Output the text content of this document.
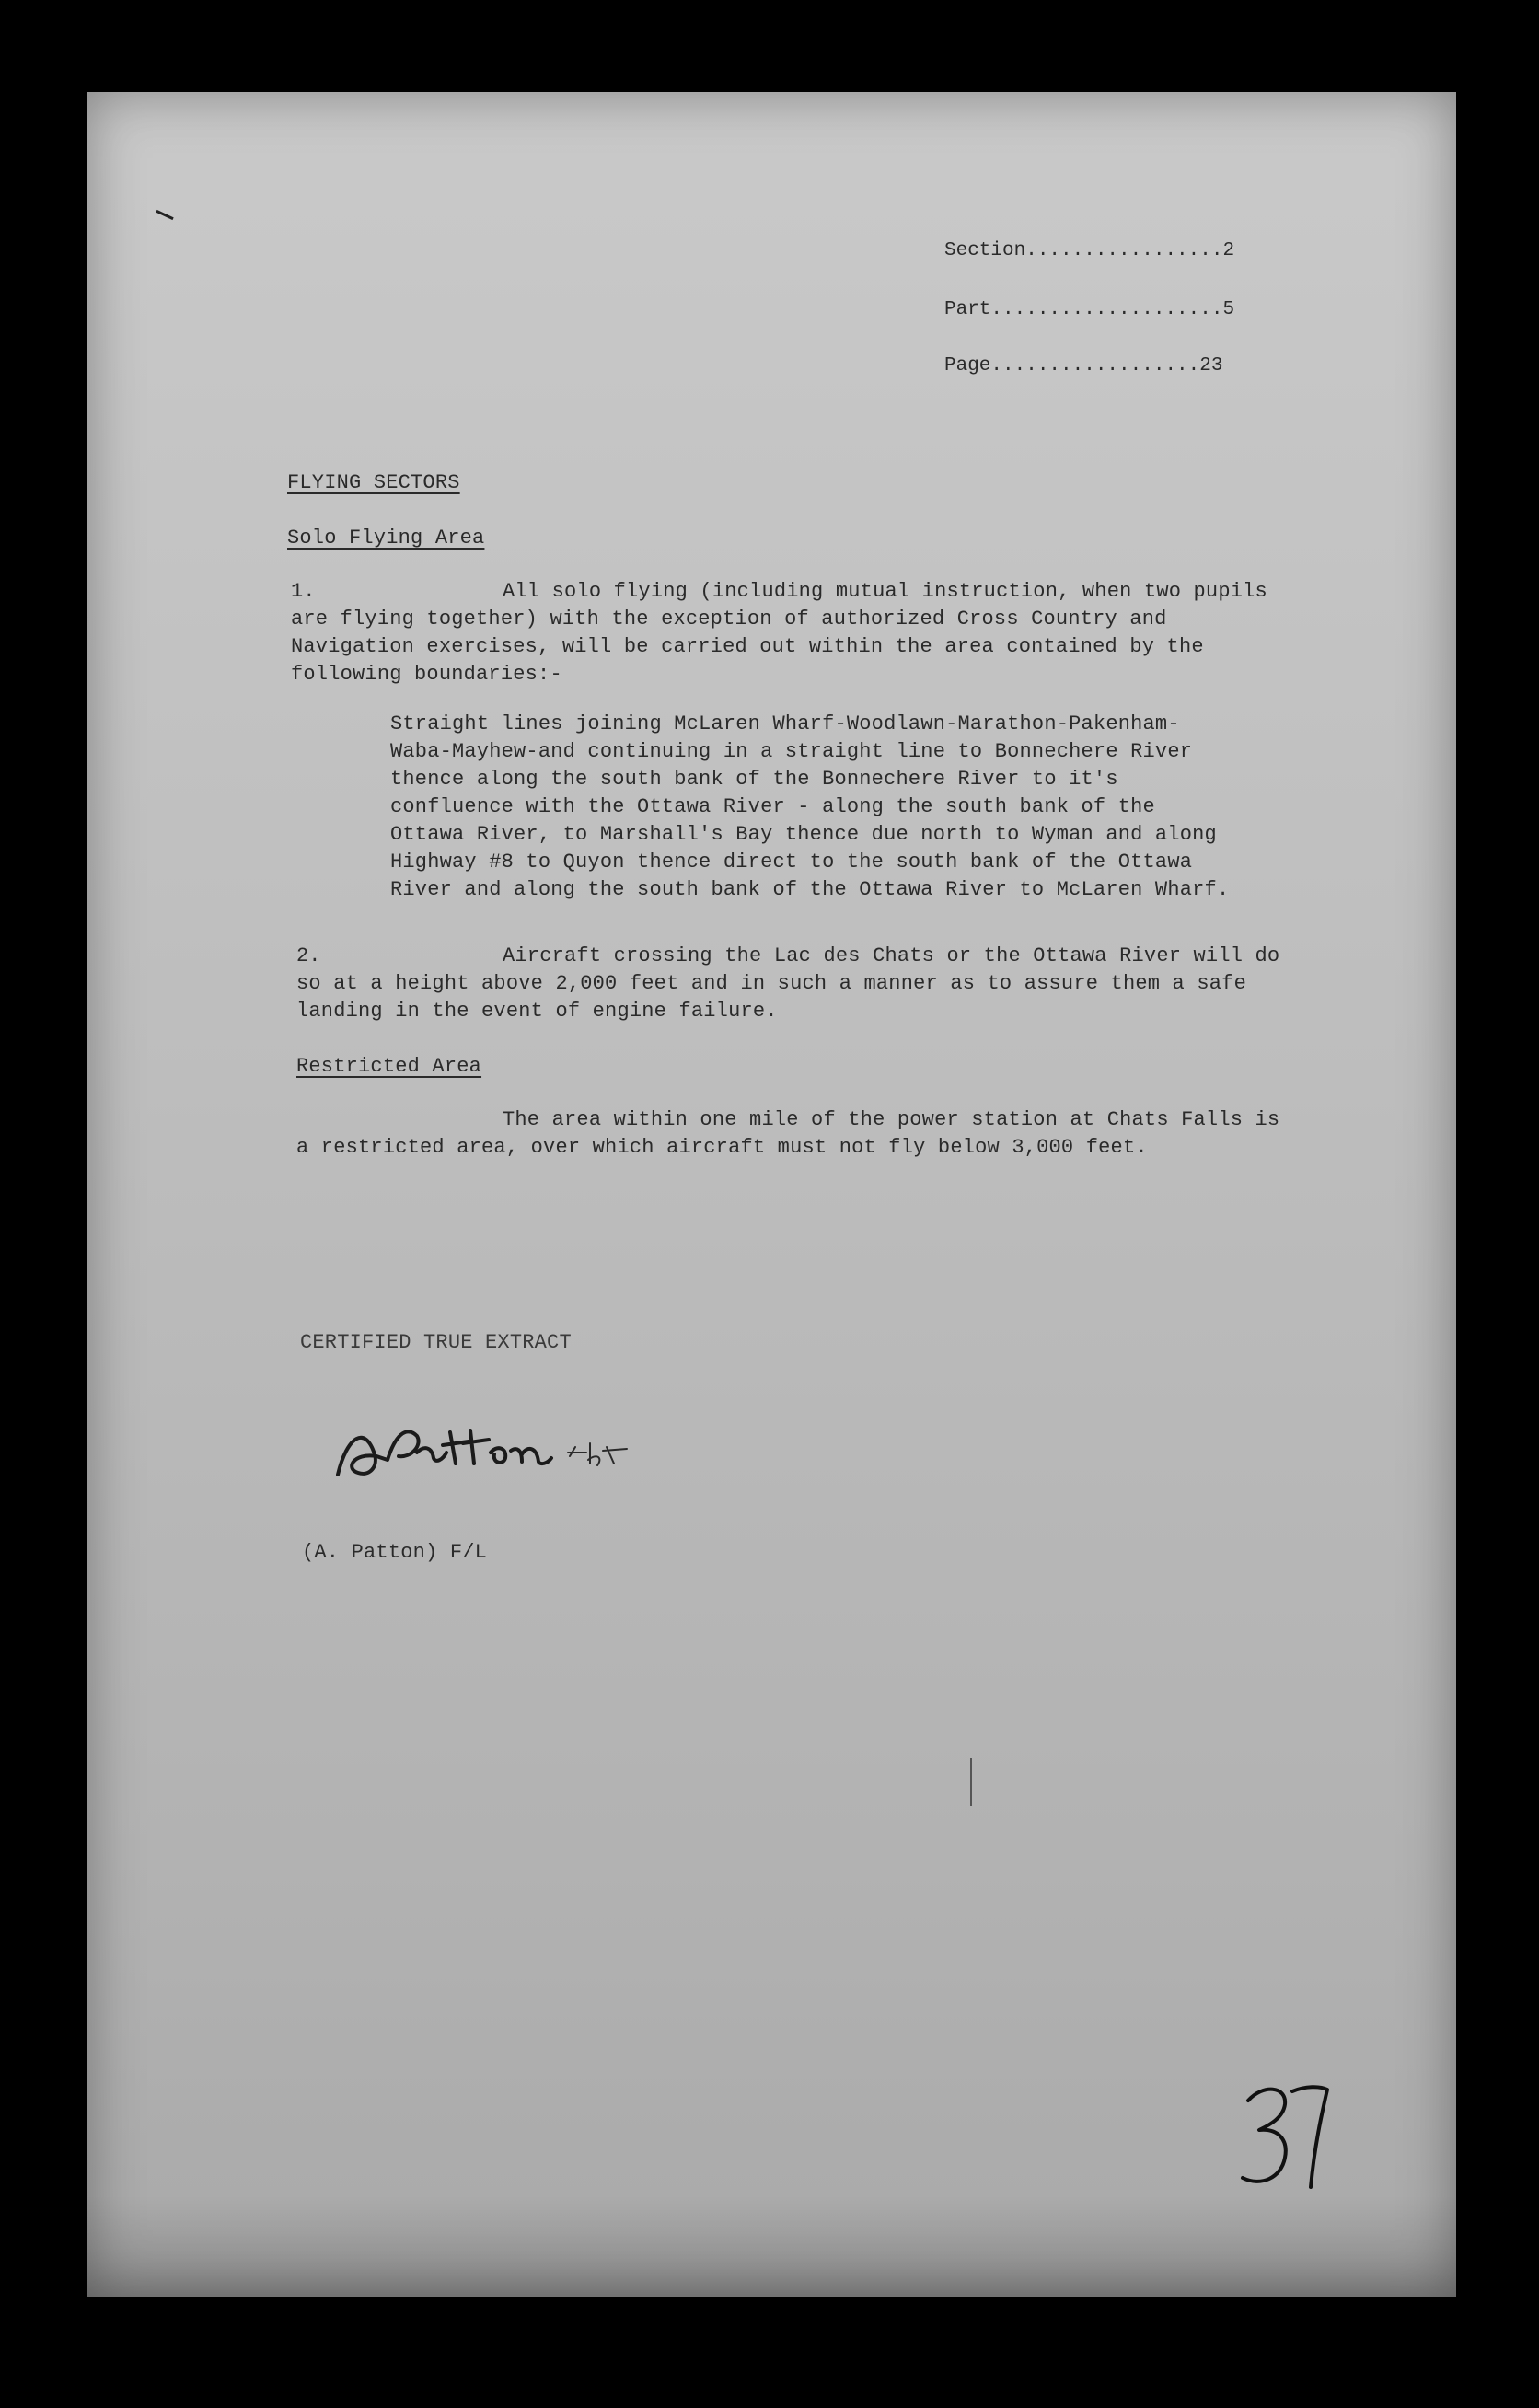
Section.................2
Part....................5
Page..................23
FLYING SECTORS
Solo Flying Area
1.	All solo flying (including mutual instruction, when two pupils
are flying together) with the exception of authorized Cross Country and
Navigation exercises, will be carried out within the area contained by the
following boundaries:-
Straight lines joining McLaren Wharf-Woodlawn-Marathon-Pakenham-
Waba-Mayhew-and continuing in a straight line to Bonnechere River
thence along the south bank of the Bonnechere River to it's
confluence with the Ottawa River - along the south bank of the
Ottawa River, to Marshall's Bay thence due north to Wyman and along
Highway #8 to Quyon thence direct to the south bank of the Ottawa
River and along the south bank of the Ottawa River to McLaren Wharf.
2.	Aircraft crossing the Lac des Chats or the Ottawa River will do
so at a height above 2,000 feet and in such a manner as to assure them a safe
landing in the event of engine failure.
Restricted Area
The area within one mile of the power station at Chats Falls is
a restricted area, over which aircraft must not fly below 3,000 feet.
CERTIFIED TRUE EXTRACT
(A. Patton) F/L
